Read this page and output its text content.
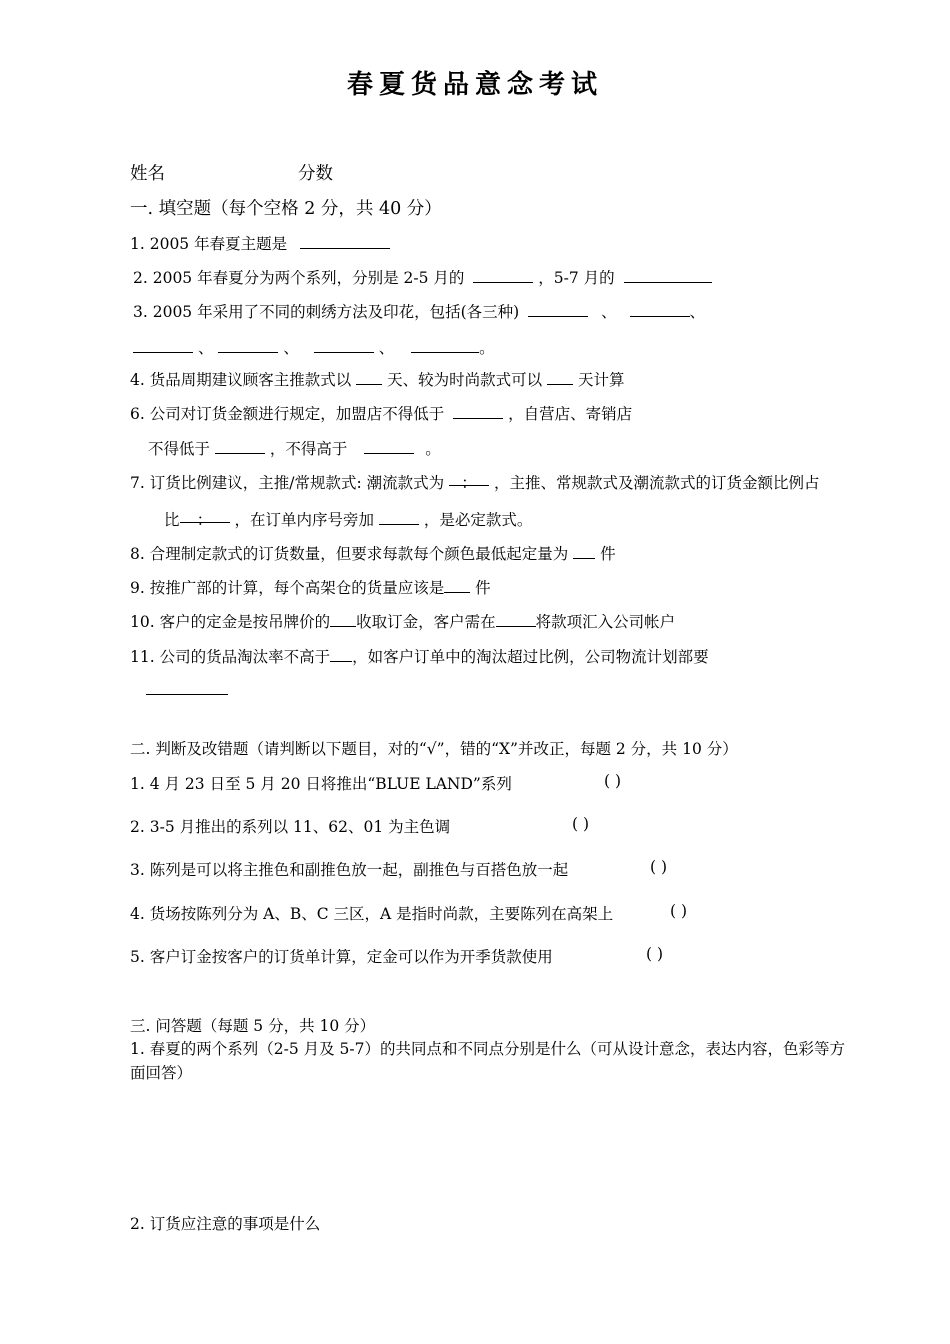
春夏货品意念考试
姓名	分数
一. 填空题（每个空格 2 分，共 40 分）
1. 2005 年春夏主题是
2. 2005 年春夏分为两个系列，分别是 2-5 月的	，5-7 月的
3. 2005 年采用了不同的刺绣方法及印花，包括(各三种)	、	、
、	、	、	。
4. 货品周期建议顾客主推款式以 天、较为时尚款式可以 天计算
6. 公司对订货金额进行规定，加盟店不得低于	，自营店、寄销店
不得低于	，不得高于	。
7. 订货比例建议，主推/常规款式: 潮流款式为 ： ，主推、常规款式及潮流款式的订货金额比例占
比 ： ，在订单内序号旁加	，是必定款式。
8. 合理制定款式的订货数量，但要求每款每个颜色最低起定量为 件
9. 按推广部的计算，每个高架仓的货量应该是 件
10. 客户的定金是按吊牌价的 收取订金，客户需在	将款项汇入公司帐户
11. 公司的货品淘汰率不高于 ，如客户订单中的淘汰超过比例，公司物流计划部要
二. 判断及改错题（请判断以下题目，对的“√”，错的“X”并改正，每题 2 分，共 10 分）
1. 4 月 23 日至 5 月 20 日将推出“BLUE LAND”系列	( )
2. 3-5 月推出的系列以 11、62、01 为主色调	( )
3. 陈列是可以将主推色和副推色放一起，副推色与百搭色放一起	( )
4. 货场按陈列分为 A、B、C 三区，A 是指时尚款，主要陈列在高架上	( )
5. 客户订金按客户的订货单计算，定金可以作为开季货款使用	( )
三. 问答题（每题 5 分，共 10 分）
1. 春夏的两个系列（2-5 月及 5-7）的共同点和不同点分别是什么（可从设计意念，表达内容，色彩等方面回答）
2. 订货应注意的事项是什么
